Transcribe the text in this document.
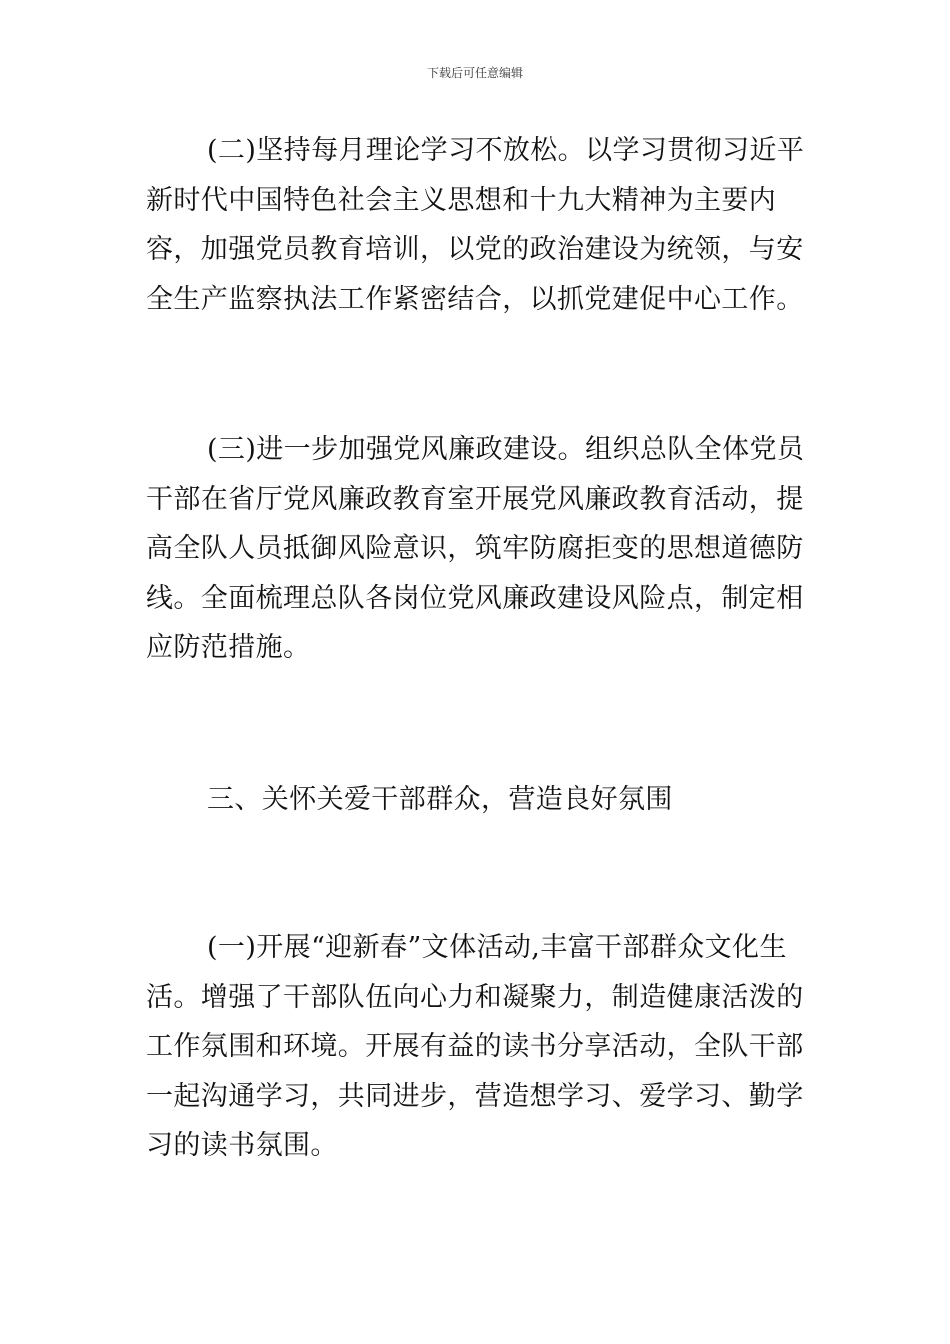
下载后可任意编辑

(二)坚持每月理论学习不放松。以学习贯彻习近平新时代中国特色社会主义思想和十九大精神为主要内容，加强党员教育培训，以党的政治建设为统领，与安全生产监察执法工作紧密结合，以抓党建促中心工作。

(三)进一步加强党风廉政建设。组织总队全体党员干部在省厅党风廉政教育室开展党风廉政教育活动，提高全队人员抵御风险意识，筑牢防腐拒变的思想道德防线。全面梳理总队各岗位党风廉政建设风险点，制定相应防范措施。

三、关怀关爱干部群众，营造良好氛围

(一)开展“迎新春”文体活动,丰富干部群众文化生活。增强了干部队伍向心力和凝聚力，制造健康活泼的工作氛围和环境。开展有益的读书分享活动，全队干部一起沟通学习，共同进步，营造想学习、爱学习、勤学习的读书氛围。
